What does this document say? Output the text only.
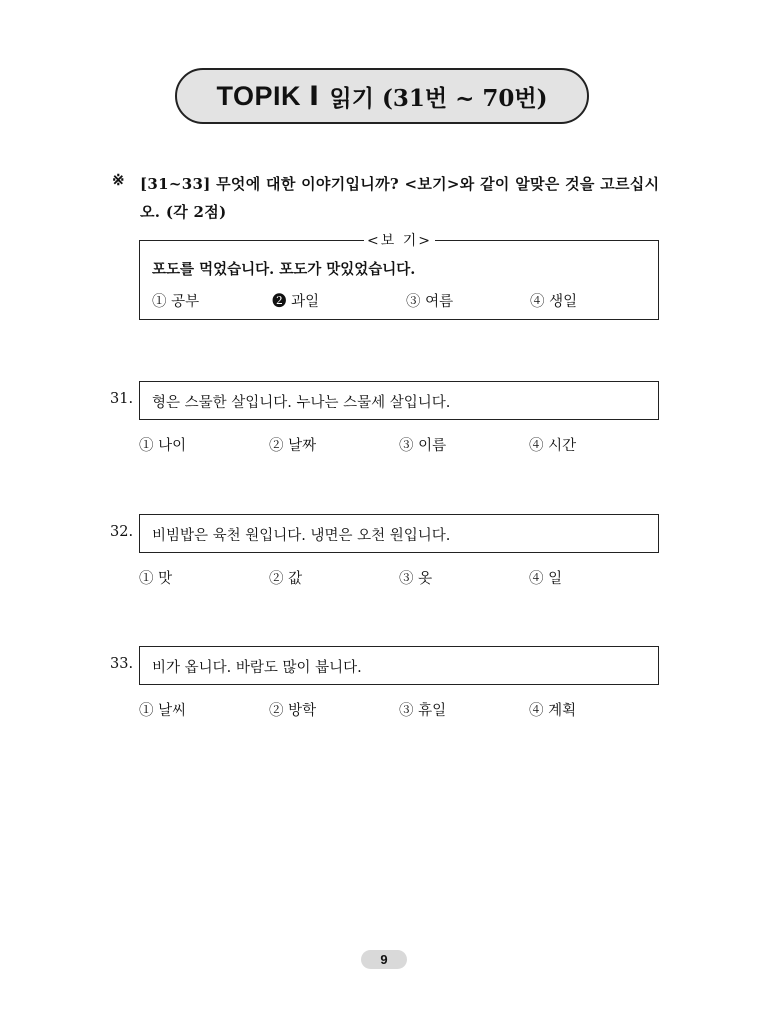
TOPIK Ⅰ 읽기 (31번 ~ 70번)
※ [31~33] 무엇에 대한 이야기입니까? <보기>와 같이 알맞은 것을 고르십시오. (각 2점)
<보 기>
포도를 먹었습니다. 포도가 맛있었습니다.
① 공부	❷ 과일	③ 여름	④ 생일
31. 형은 스물한 살입니다. 누나는 스물세 살입니다.
① 나이	② 날짜	③ 이름	④ 시간
32. 비빔밥은 육천 원입니다. 냉면은 오천 원입니다.
① 맛	② 값	③ 옷	④ 일
33. 비가 옵니다. 바람도 많이 붑니다.
① 날씨	② 방학	③ 휴일	④ 계획
9
